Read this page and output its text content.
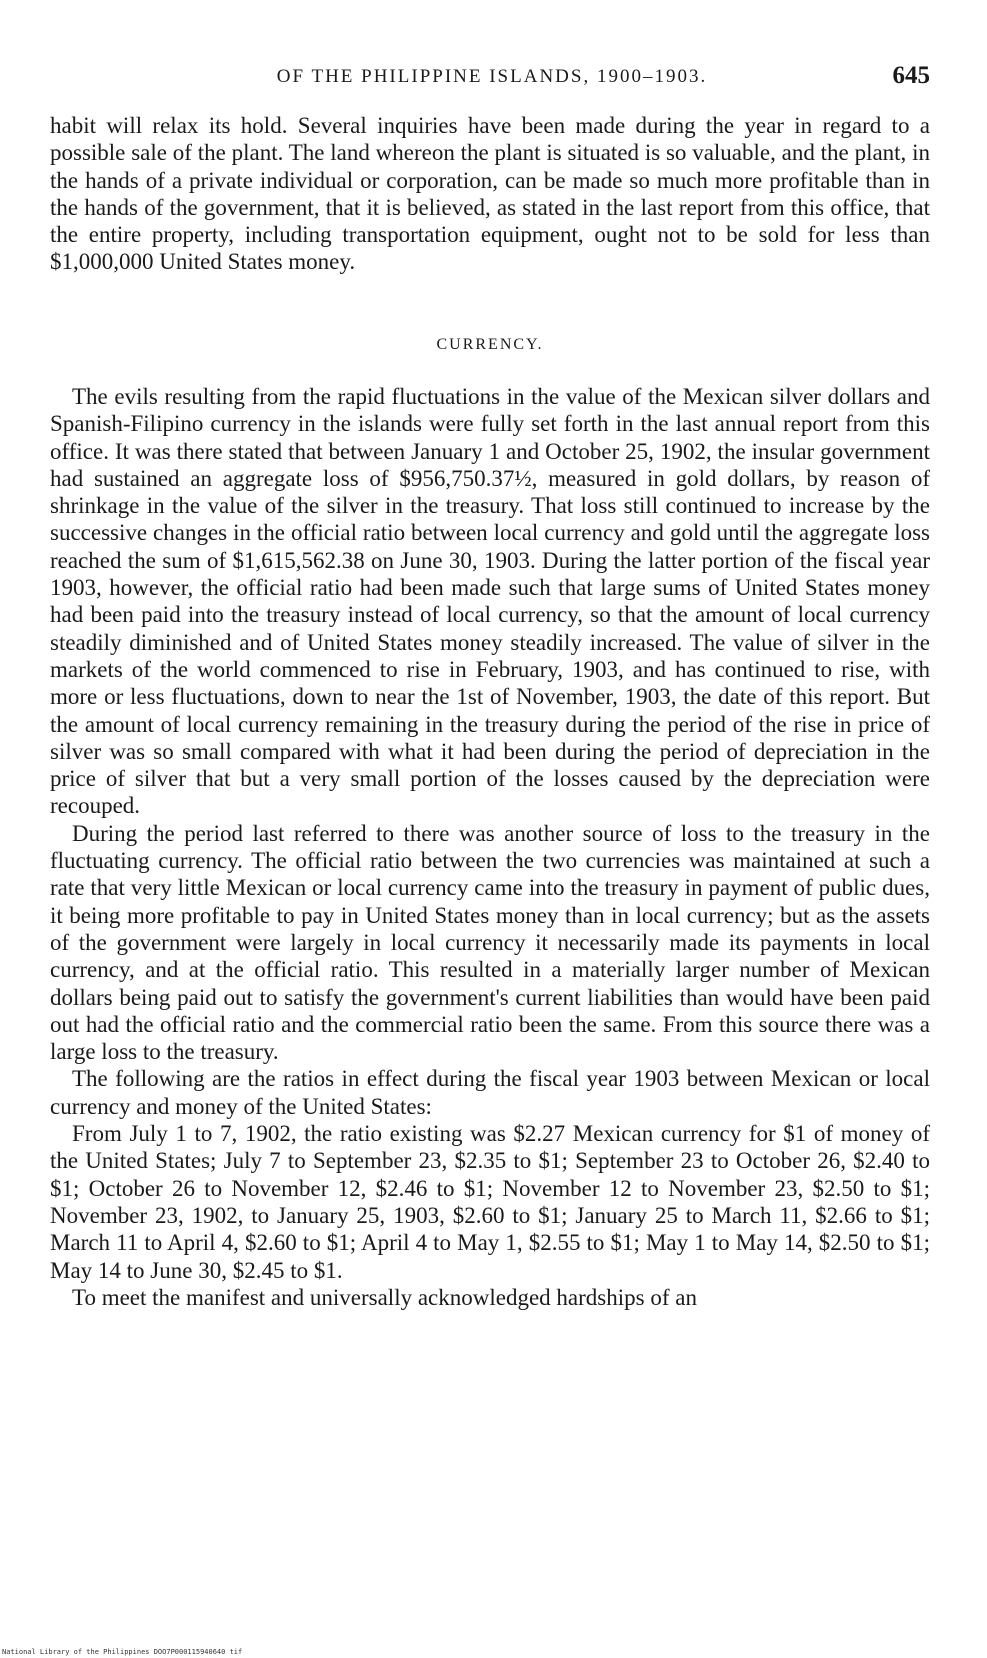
OF THE PHILIPPINE ISLANDS, 1900–1903.	645

habit will relax its hold. Several inquiries have been made during the year in regard to a possible sale of the plant. The land whereon the plant is situated is so valuable, and the plant, in the hands of a private individual or corporation, can be made so much more profitable than in the hands of the government, that it is believed, as stated in the last report from this office, that the entire property, including transportation equipment, ought not to be sold for less than $1,000,000 United States money.

CURRENCY.

The evils resulting from the rapid fluctuations in the value of the Mexican silver dollars and Spanish-Filipino currency in the islands were fully set forth in the last annual report from this office. It was there stated that between January 1 and October 25, 1902, the insular government had sustained an aggregate loss of $956,750.37½, measured in gold dollars, by reason of shrinkage in the value of the silver in the treasury. That loss still continued to increase by the successive changes in the official ratio between local currency and gold until the aggregate loss reached the sum of $1,615,562.38 on June 30, 1903. During the latter portion of the fiscal year 1903, however, the official ratio had been made such that large sums of United States money had been paid into the treasury instead of local currency, so that the amount of local currency steadily diminished and of United States money steadily increased. The value of silver in the markets of the world commenced to rise in February, 1903, and has continued to rise, with more or less fluctuations, down to near the 1st of November, 1903, the date of this report. But the amount of local currency remaining in the treasury during the period of the rise in price of silver was so small compared with what it had been during the period of depreciation in the price of silver that but a very small portion of the losses caused by the depreciation were recouped.

During the period last referred to there was another source of loss to the treasury in the fluctuating currency. The official ratio between the two currencies was maintained at such a rate that very little Mexican or local currency came into the treasury in payment of public dues, it being more profitable to pay in United States money than in local currency; but as the assets of the government were largely in local currency it necessarily made its payments in local currency, and at the official ratio. This resulted in a materially larger number of Mexican dollars being paid out to satisfy the government's current liabilities than would have been paid out had the official ratio and the commercial ratio been the same. From this source there was a large loss to the treasury.

The following are the ratios in effect during the fiscal year 1903 between Mexican or local currency and money of the United States:

From July 1 to 7, 1902, the ratio existing was $2.27 Mexican currency for $1 of money of the United States; July 7 to September 23, $2.35 to $1; September 23 to October 26, $2.40 to $1; October 26 to November 12, $2.46 to $1; November 12 to November 23, $2.50 to $1; November 23, 1902, to January 25, 1903, $2.60 to $1; January 25 to March 11, $2.66 to $1; March 11 to April 4, $2.60 to $1; April 4 to May 1, $2.55 to $1; May 1 to May 14, $2.50 to $1; May 14 to June 30, $2.45 to $1.

To meet the manifest and universally acknowledged hardships of an

National Library of the Philippines DOO7P000115940640 tif
